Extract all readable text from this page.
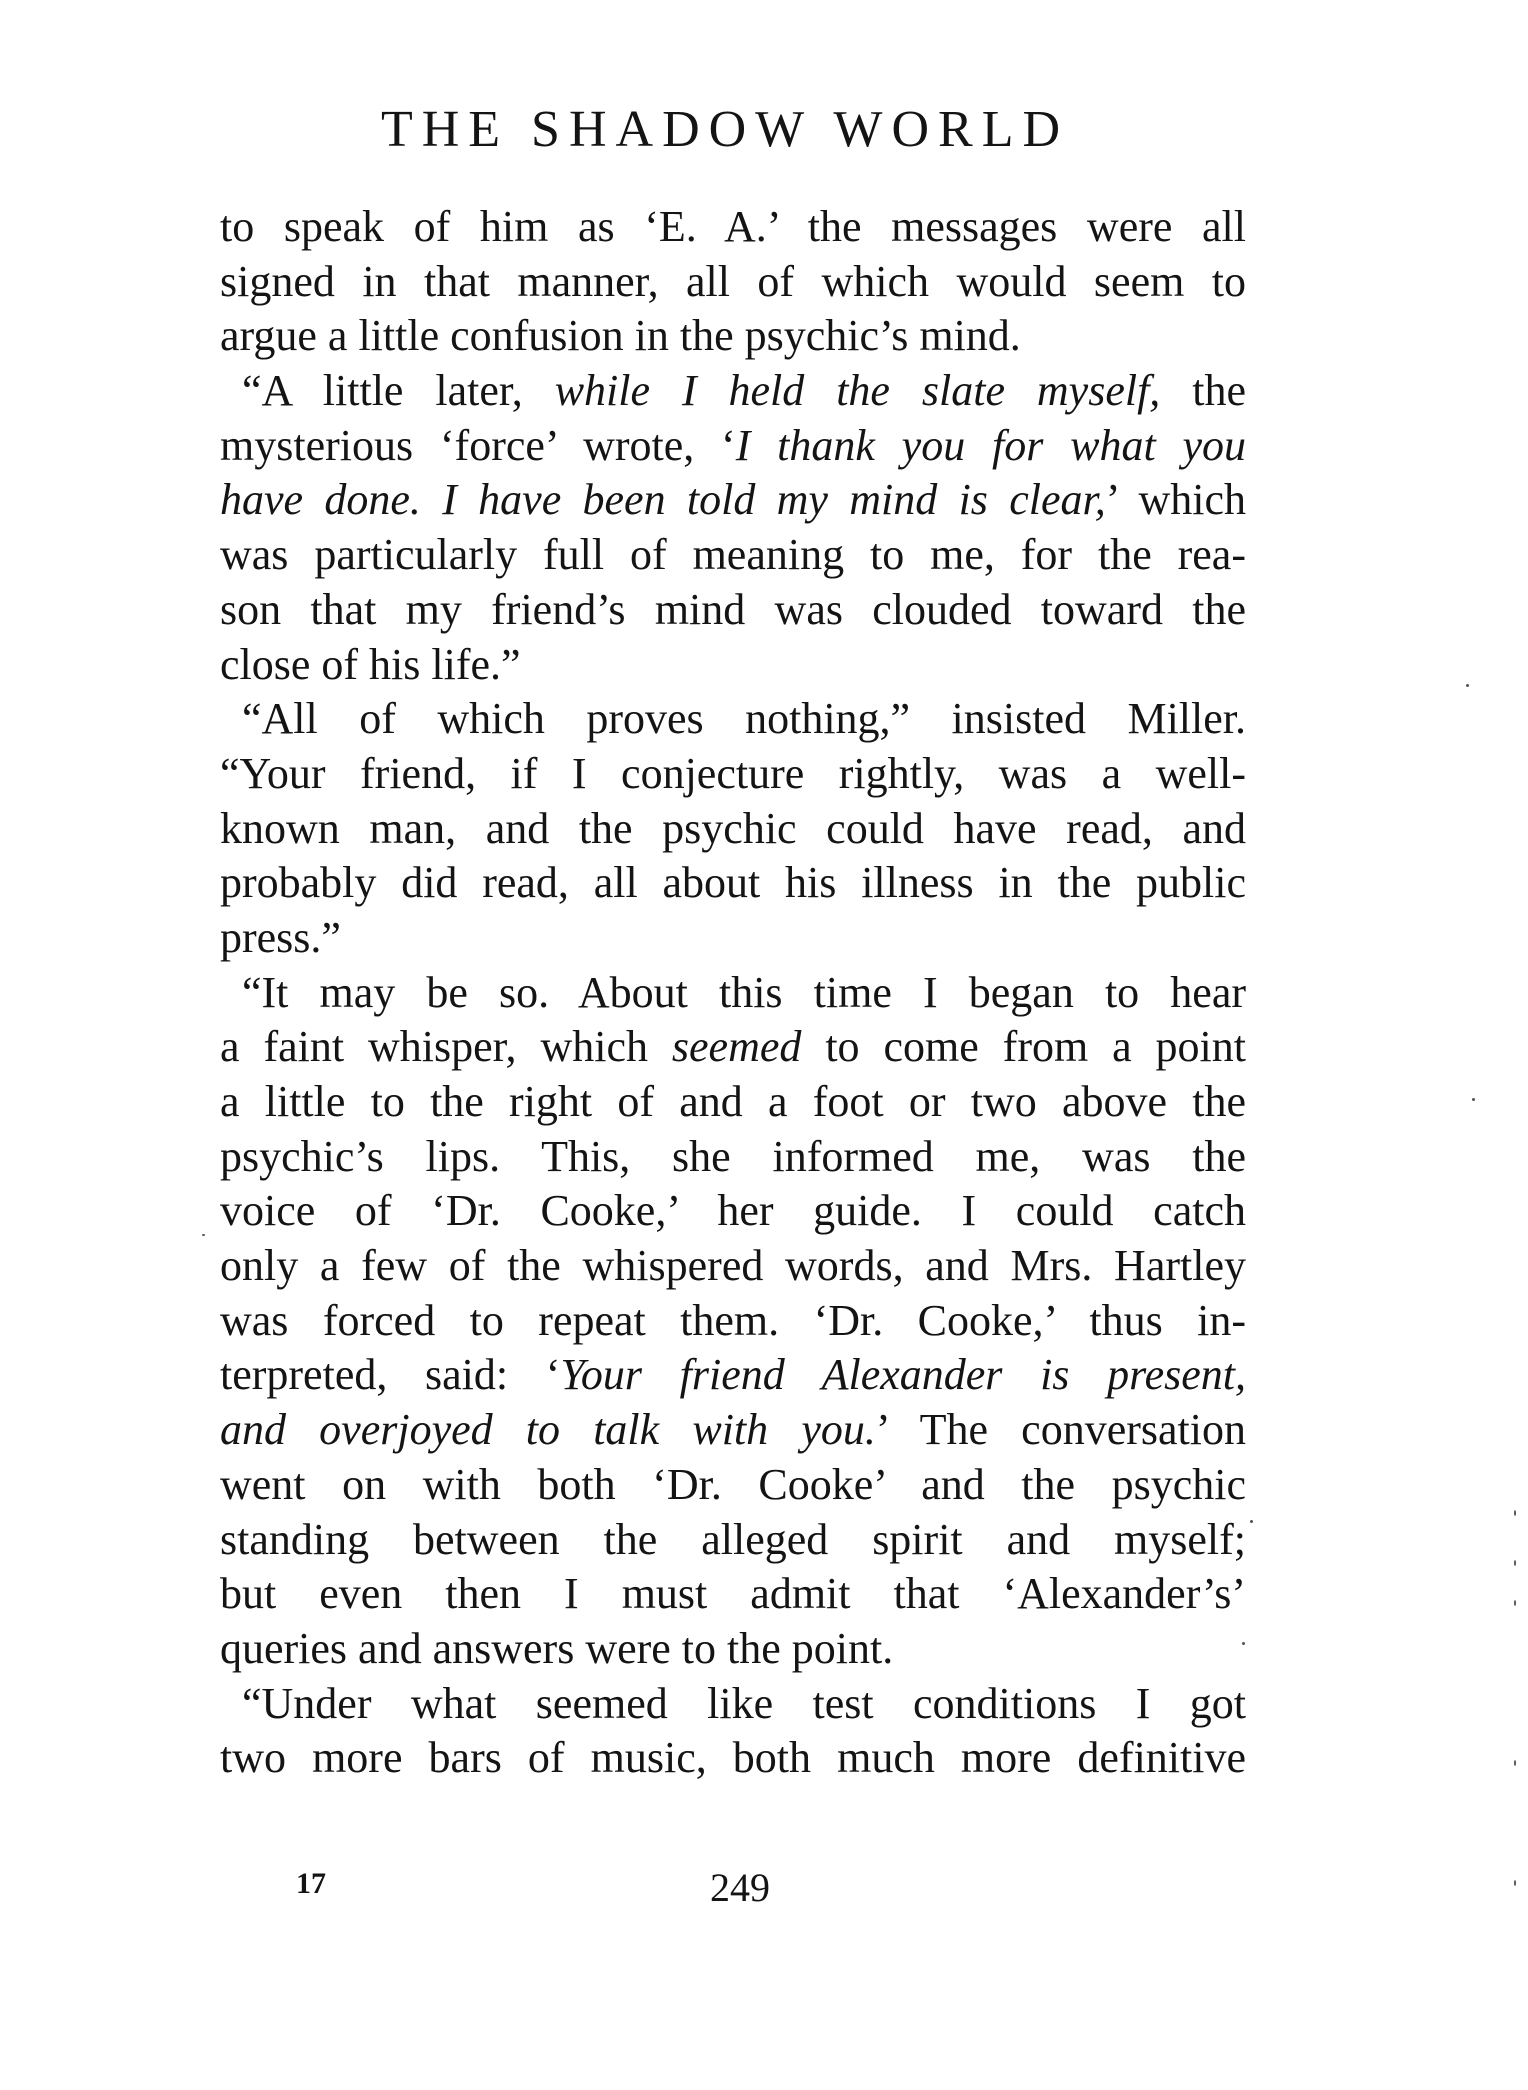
THE SHADOW WORLD
to speak of him as ‘E. A.’ the messages were all
signed in that manner, all of which would seem to
argue a little confusion in the psychic’s mind.
“A little later, while I held the slate myself, the
mysterious ‘force’ wrote, ‘I thank you for what you
have done. I have been told my mind is clear,’ which
was particularly full of meaning to me, for the rea-
son that my friend’s mind was clouded toward the
close of his life.”
“All of which proves nothing,” insisted Miller.
“Your friend, if I conjecture rightly, was a well-
known man, and the psychic could have read, and
probably did read, all about his illness in the public
press.”
“It may be so. About this time I began to hear
a faint whisper, which seemed to come from a point
a little to the right of and a foot or two above the
psychic’s lips. This, she informed me, was the
voice of ‘Dr. Cooke,’ her guide. I could catch
only a few of the whispered words, and Mrs. Hartley
was forced to repeat them. ‘Dr. Cooke,’ thus in-
terpreted, said: ‘Your friend Alexander is present,
and overjoyed to talk with you.’ The conversation
went on with both ‘Dr. Cooke’ and the psychic
standing between the alleged spirit and myself;
but even then I must admit that ‘Alexander’s’
queries and answers were to the point.
“Under what seemed like test conditions I got
two more bars of music, both much more definitive
17	249
